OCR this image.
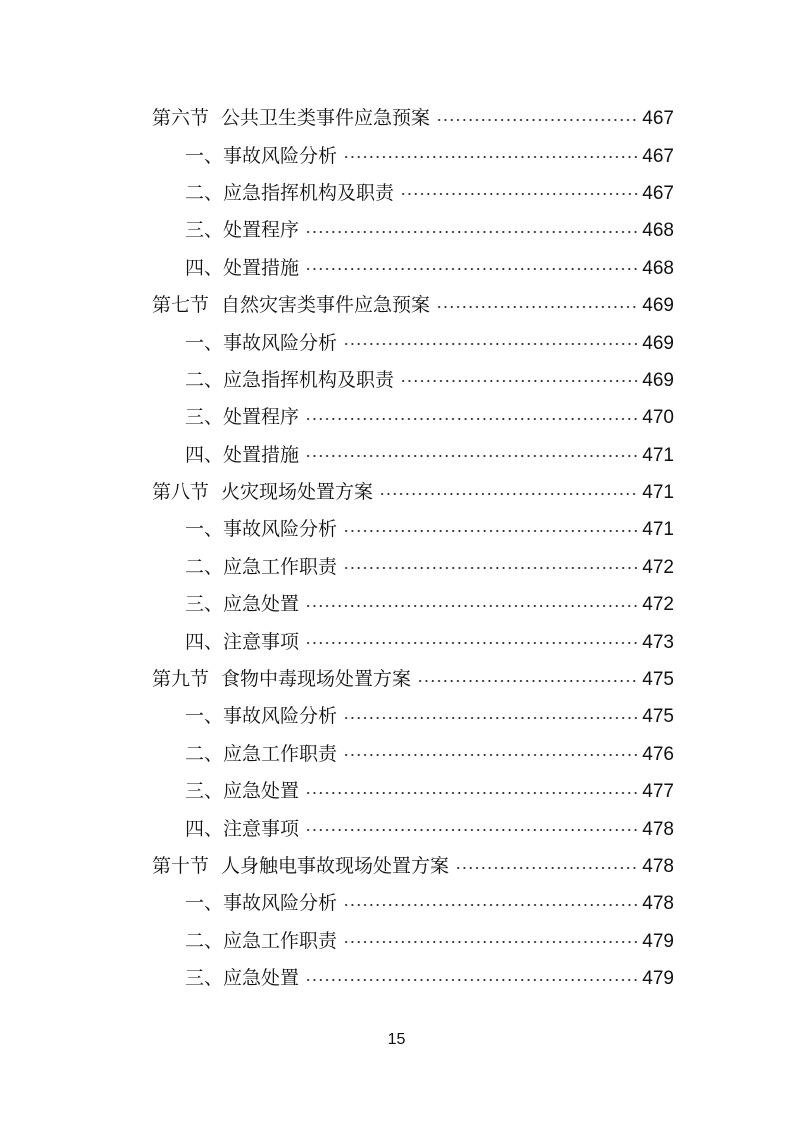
第六节 公共卫生类事件应急预案	467
一、 事故风险分析	467
二、 应急指挥机构及职责	467
三、 处置程序	468
四、 处置措施	468
第七节 自然灾害类事件应急预案	469
一、 事故风险分析	469
二、 应急指挥机构及职责	469
三、 处置程序	470
四、 处置措施	471
第八节 火灾现场处置方案	471
一、 事故风险分析	471
二、 应急工作职责	472
三、 应急处置	472
四、 注意事项	473
第九节 食物中毒现场处置方案	475
一、 事故风险分析	475
二、 应急工作职责	476
三、 应急处置	477
四、 注意事项	478
第十节 人身触电事故现场处置方案	478
一、 事故风险分析	478
二、 应急工作职责	479
三、 应急处置	479
15
